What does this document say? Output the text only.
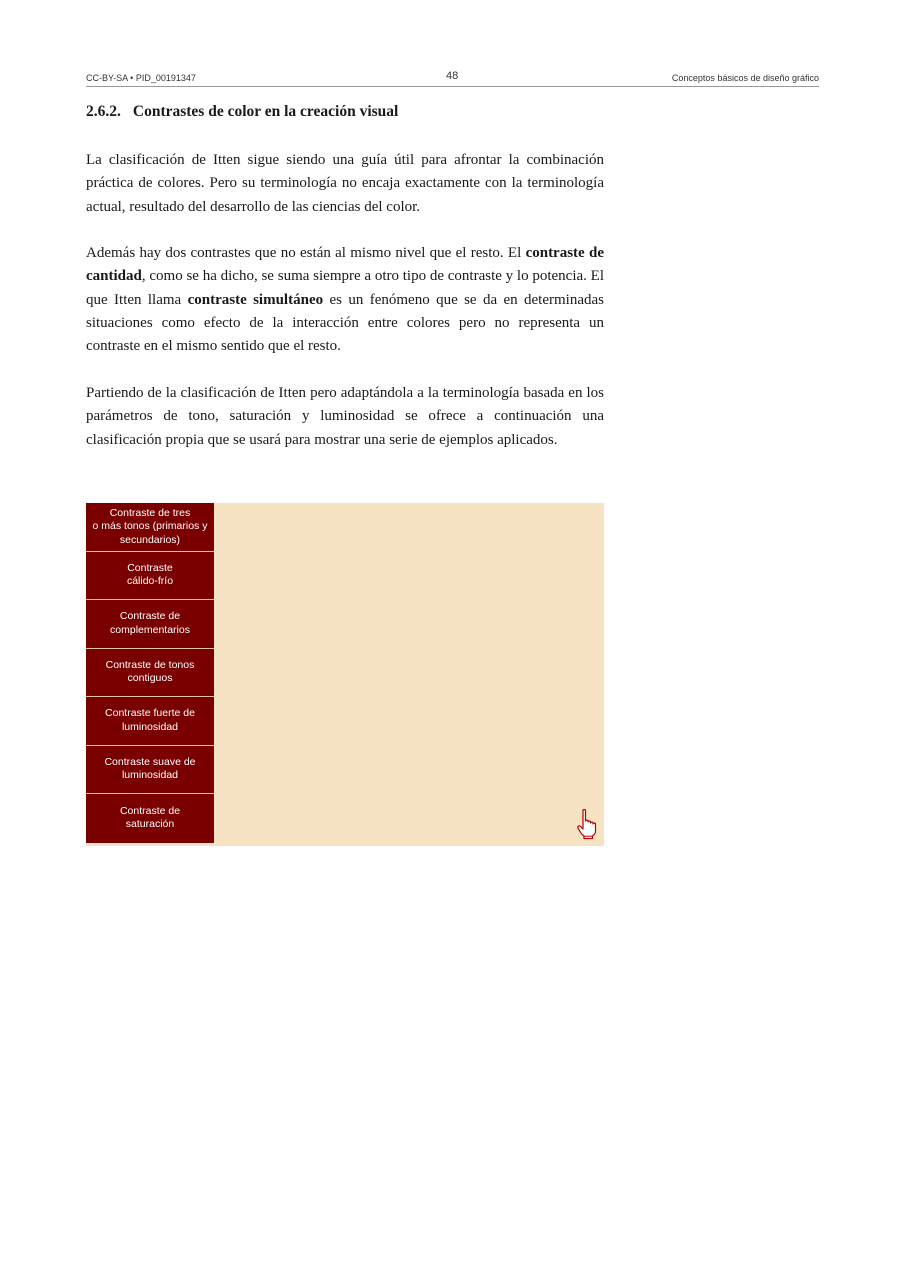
CC-BY-SA • PID_00191347	48	Conceptos básicos de diseño gráfico
2.6.2. Contrastes de color en la creación visual

La clasificación de Itten sigue siendo una guía útil para afrontar la combinación práctica de colores. Pero su terminología no encaja exactamente con la terminología actual, resultado del desarrollo de las ciencias del color.

Además hay dos contrastes que no están al mismo nivel que el resto. El contraste de cantidad, como se ha dicho, se suma siempre a otro tipo de contraste y lo potencia. El que Itten llama contraste simultáneo es un fenómeno que se da en determinadas situaciones como efecto de la interacción entre colores pero no representa un contraste en el mismo sentido que el resto.

Partiendo de la clasificación de Itten pero adaptándola a la terminología basada en los parámetros de tono, saturación y luminosidad se ofrece a continuación una clasificación propia que se usará para mostrar una serie de ejemplos aplicados.

Contraste de tres
o más tonos (primarios y
secundarios)
Contraste
cálido-frío
Contraste de
complementarios
Contraste de tonos
contiguos
Contraste fuerte de
luminosidad
Contraste suave de
luminosidad
Contraste de
saturación
